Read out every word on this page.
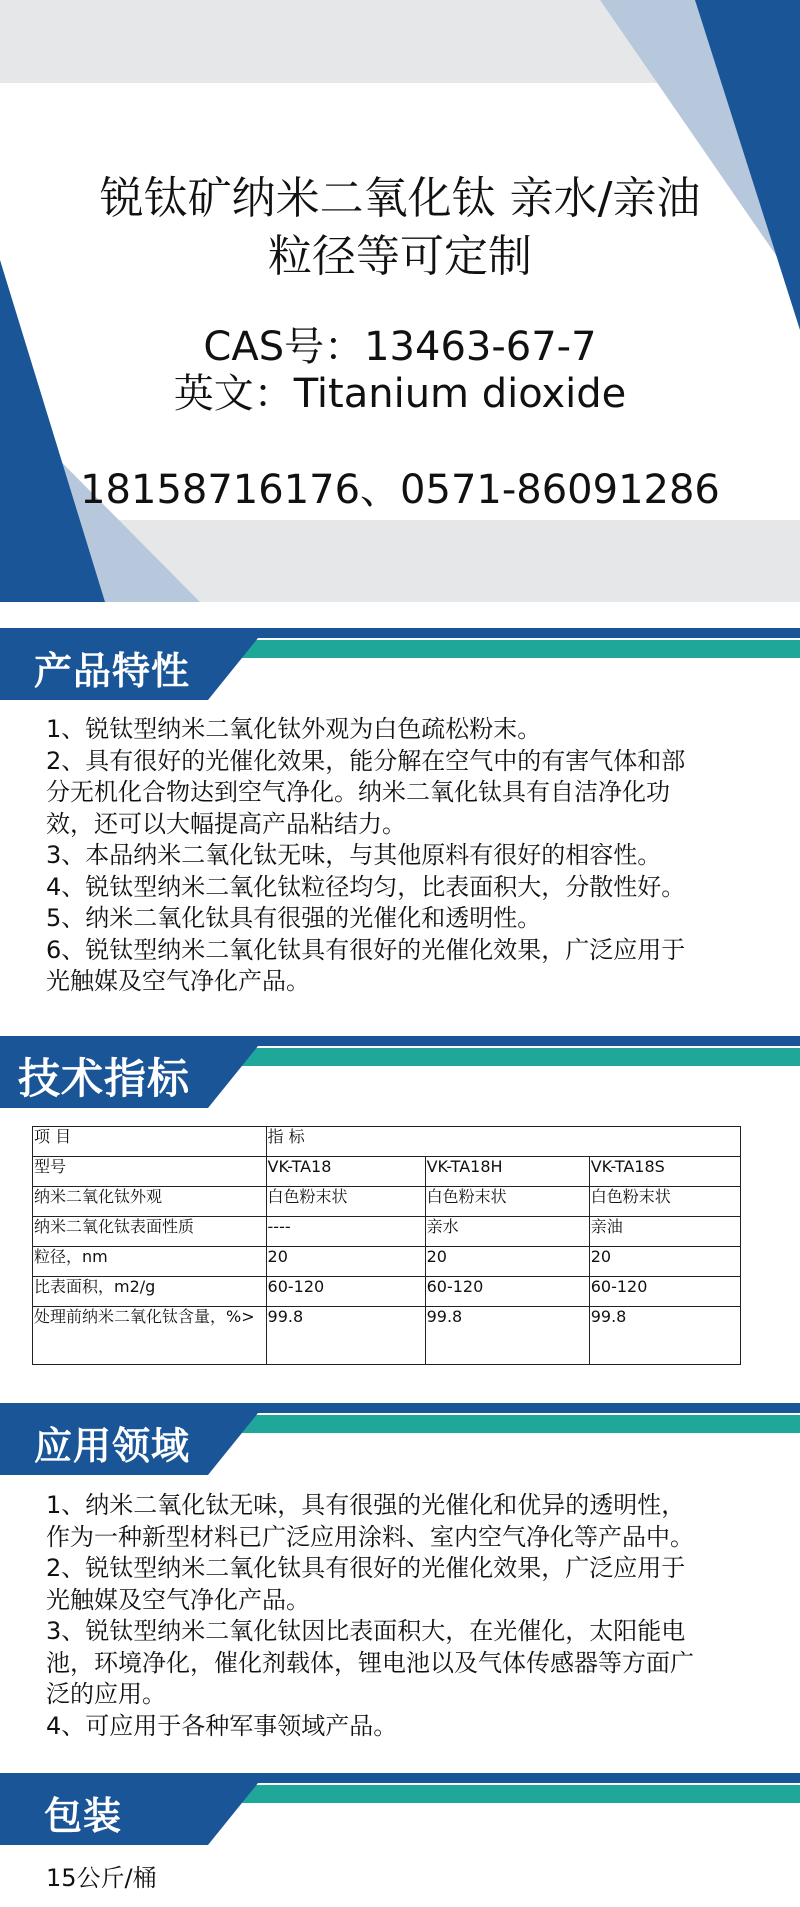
锐钛矿纳米二氧化钛 亲水/亲油
粒径等可定制
CAS号：13463-67-7
英文：Titanium dioxide
18158716176、0571-86091286
产品特性

1、锐钛型纳米二氧化钛外观为白色疏松粉末。

2、具有很好的光催化效果，能分解在空气中的有害气体和部

分无机化合物达到空气净化。纳米二氧化钛具有自洁净化功

效，还可以大幅提高产品粘结力。

3、本品纳米二氧化钛无味，与其他原料有很好的相容性。

4、锐钛型纳米二氧化钛粒径均匀，比表面积大，分散性好。

5、纳米二氧化钛具有很强的光催化和透明性。

6、锐钛型纳米二氧化钛具有很好的光催化效果，广泛应用于

光触媒及空气净化产品。

技术指标
项 目	指 标		
型号	VK-TA18	VK-TA18H	VK-TA18S
纳米二氧化钛外观	白色粉末状	白色粉末状	白色粉末状
纳米二氧化钛表面性质	----	亲水	亲油
粒径，nm	20	20	20
比表面积，m2/g	60-120	60-120	60-120
处理前纳米二氧化钛含量，%>	99.8	99.8	99.8
应用领域

1、纳米二氧化钛无味，具有很强的光催化和优异的透明性，

作为一种新型材料已广泛应用涂料、室内空气净化等产品中。

2、锐钛型纳米二氧化钛具有很好的光催化效果，广泛应用于

光触媒及空气净化产品。

3、锐钛型纳米二氧化钛因比表面积大，在光催化，太阳能电

池，环境净化，催化剂载体，锂电池以及气体传感器等方面广

泛的应用。

4、可应用于各种军事领域产品。

包装
15公斤/桶
